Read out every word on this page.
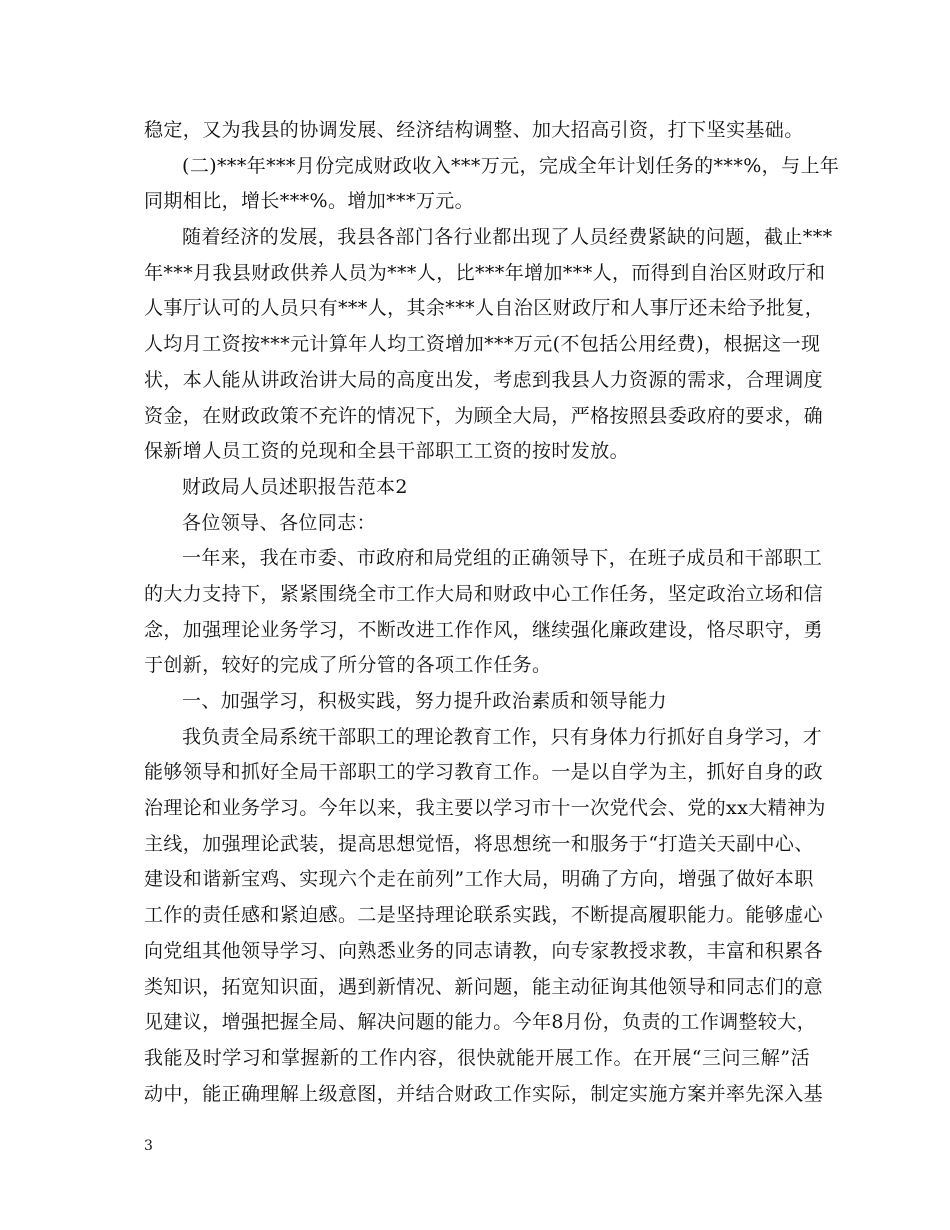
稳定，又为我县的协调发展、经济结构调整、加大招高引资，打下坚实基础。
(二)***年***月份完成财政收入***万元，完成全年计划任务的***%，与上年
同期相比，增长***%。增加***万元。
随着经济的发展，我县各部门各行业都出现了人员经费紧缺的问题，截止***
年***月我县财政供养人员为***人，比***年增加***人，而得到自治区财政厅和
人事厅认可的人员只有***人，其余***人自治区财政厅和人事厅还未给予批复，
人均月工资按***元计算年人均工资增加***万元(不包括公用经费)，根据这一现
状，本人能从讲政治讲大局的高度出发，考虑到我县人力资源的需求，合理调度
资金，在财政政策不充许的情况下，为顾全大局，严格按照县委政府的要求，确
保新增人员工资的兑现和全县干部职工工资的按时发放。
财政局人员述职报告范本2
各位领导、各位同志：
一年来，我在市委、市政府和局党组的正确领导下，在班子成员和干部职工
的大力支持下，紧紧围绕全市工作大局和财政中心工作任务，坚定政治立场和信
念，加强理论业务学习，不断改进工作作风，继续强化廉政建设，恪尽职守，勇
于创新，较好的完成了所分管的各项工作任务。
一、加强学习，积极实践，努力提升政治素质和领导能力
我负责全局系统干部职工的理论教育工作，只有身体力行抓好自身学习，才
能够领导和抓好全局干部职工的学习教育工作。一是以自学为主，抓好自身的政
治理论和业务学习。今年以来，我主要以学习市十一次党代会、党的xx大精神为
主线，加强理论武装，提高思想觉悟，将思想统一和服务于“打造关天副中心、
建设和谐新宝鸡、实现六个走在前列”工作大局，明确了方向，增强了做好本职
工作的责任感和紧迫感。二是坚持理论联系实践，不断提高履职能力。能够虚心
向党组其他领导学习、向熟悉业务的同志请教，向专家教授求教，丰富和积累各
类知识，拓宽知识面，遇到新情况、新问题，能主动征询其他领导和同志们的意
见建议，增强把握全局、解决问题的能力。今年8月份，负责的工作调整较大，
我能及时学习和掌握新的工作内容，很快就能开展工作。在开展“三问三解”活
动中，能正确理解上级意图，并结合财政工作实际，制定实施方案并率先深入基
3
